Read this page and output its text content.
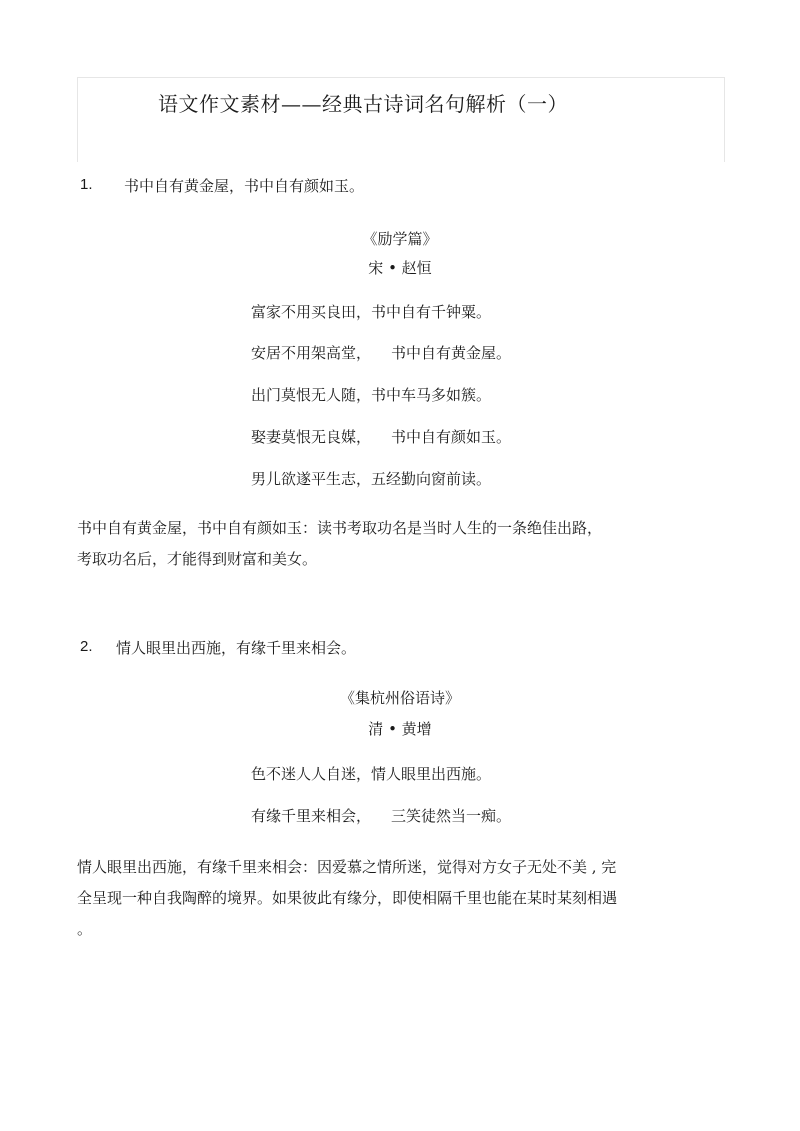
语文作文素材——经典古诗词名句解析（一）
1. 书中自有黄金屋，书中自有颜如玉。
《励学篇》
宋 • 赵恒
富家不用买良田，书中自有千钟粟。
安居不用架高堂， 书中自有黄金屋。
出门莫恨无人随，书中车马多如簇。
娶妻莫恨无良媒， 书中自有颜如玉。
男儿欲遂平生志，五经勤向窗前读。
书中自有黄金屋，书中自有颜如玉：读书考取功名是当时人生的一条绝佳出路，
考取功名后，才能得到财富和美女。
2. 情人眼里出西施，有缘千里来相会。
《集杭州俗语诗》
清 • 黄增
色不迷人人自迷，情人眼里出西施。
有缘千里来相会， 三笑徒然当一痴。
情人眼里出西施，有缘千里来相会：因爱慕之情所迷，觉得对方女子无处不美 , 完
全呈现一种自我陶醉的境界。如果彼此有缘分，即使相隔千里也能在某时某刻相遇
。
